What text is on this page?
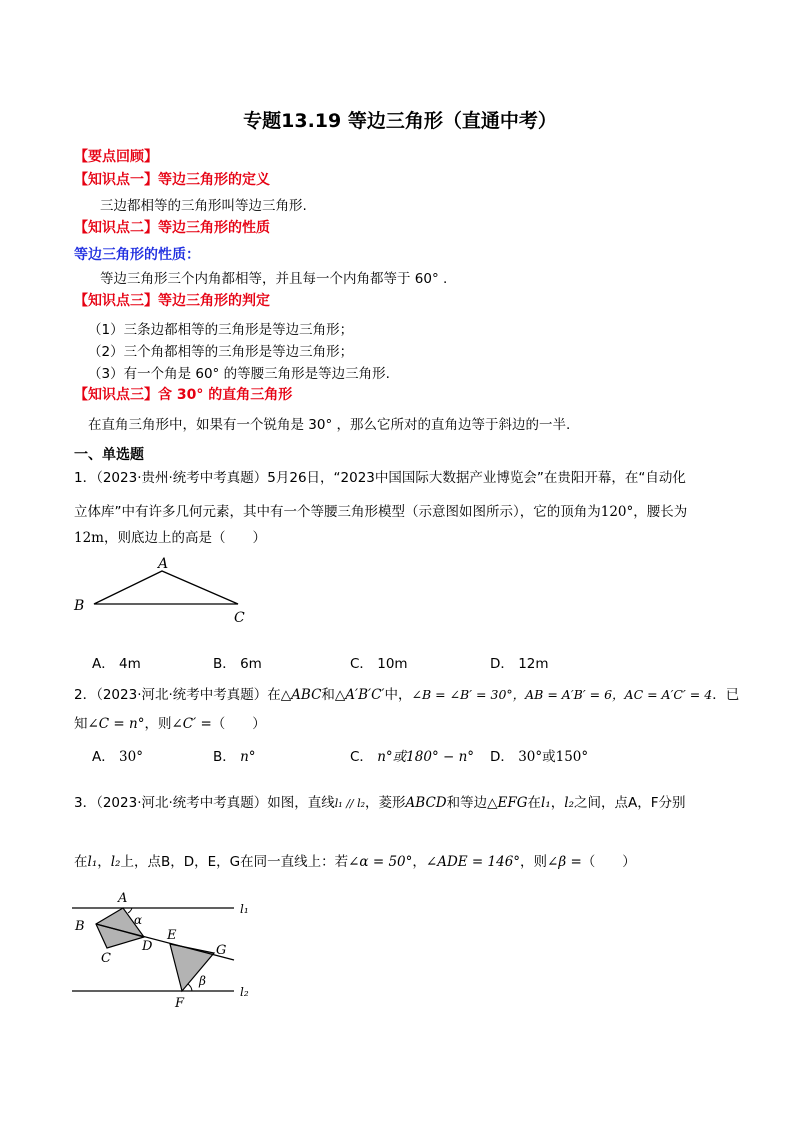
专题13.19 等边三角形（直通中考）
【要点回顾】
【知识点一】等边三角形的定义
三边都相等的三角形叫等边三角形.
【知识点二】等边三角形的性质
等边三角形的性质：
等边三角形三个内角都相等，并且每一个内角都等于 60° .
【知识点三】等边三角形的判定
（1）三条边都相等的三角形是等边三角形；
（2）三个角都相等的三角形是等边三角形；
（3）有一个角是 60° 的等腰三角形是等边三角形.
【知识点三】含 30° 的直角三角形
在直角三角形中，如果有一个锐角是 30° ，那么它所对的直角边等于斜边的一半.
一、单选题
1．（2023·贵州·统考中考真题）5月26日，“2023中国国际大数据产业博览会”在贵阳开幕，在“自动化
立体库”中有许多几何元素，其中有一个等腰三角形模型（示意图如图所示），它的顶角为120°，腰长为
12m，则底边上的高是（　　）
A
B
C
A． 4m	B． 6m	C． 10m	D． 12m
2．（2023·河北·统考中考真题）在△ABC和△A′B′C′中，∠B = ∠B′ = 30°，AB = A′B′ = 6，AC = A′C′ = 4．已
知∠C = n°，则∠C′ =（　　）
A． 30°	B． n°	C． n°或180° − n° D． 30°或150°
3．（2023·河北·统考中考真题）如图，直线l₁ // l₂，菱形ABCD和等边△EFG在l₁，l₂之间，点A，F分别
在l₁，l₂上，点B，D，E，G在同一直线上：若∠α = 50°，∠ADE = 146°，则∠β =（　　）
A
B
C
D
E
G
F
α
β
l₁
l₂
